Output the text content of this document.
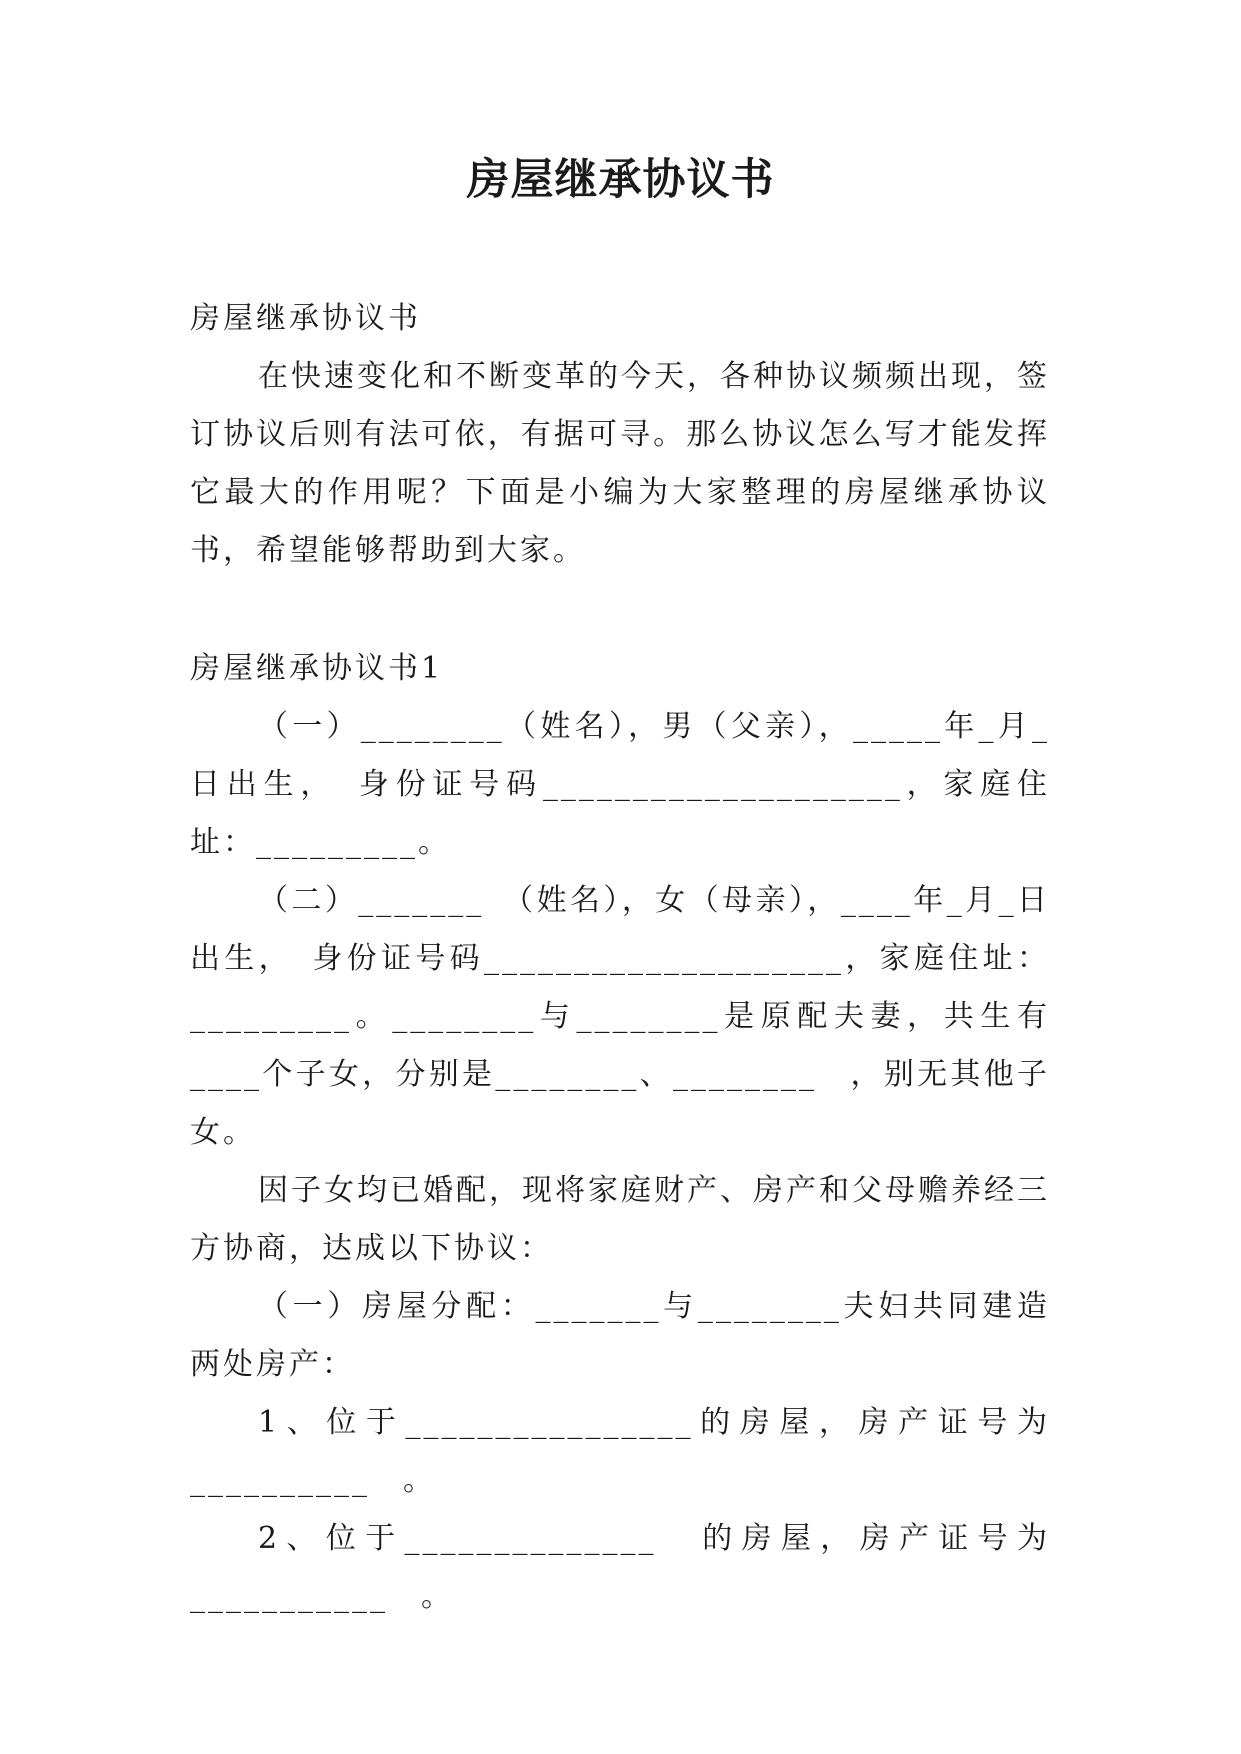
房屋继承协议书

房屋继承协议书

在快速变化和不断变革的今天，各种协议频频出现，签订协议后则有法可依，有据可寻。那么协议怎么写才能发挥它最大的作用呢？下面是小编为大家整理的房屋继承协议书，希望能够帮助到大家。

房屋继承协议书1

（一）________（姓名），男（父亲），_____年_月_日出生，　身份证号码____________________，家庭住址：_________。

（二）_______　（姓名），女（母亲），____年_月_日出生，　身份证号码____________________，家庭住址：_________。________与________是原配夫妻，共生有____个子女，分别是________、________　，别无其他子女。

因子女均已婚配，现将家庭财产、房产和父母赡养经三方协商，达成以下协议：

（一）房屋分配：_______与________夫妇共同建造两处房产：

1、位于________________的房屋，房产证号为__________　。

2、位于______________　的房屋，房产证号为___________　。
